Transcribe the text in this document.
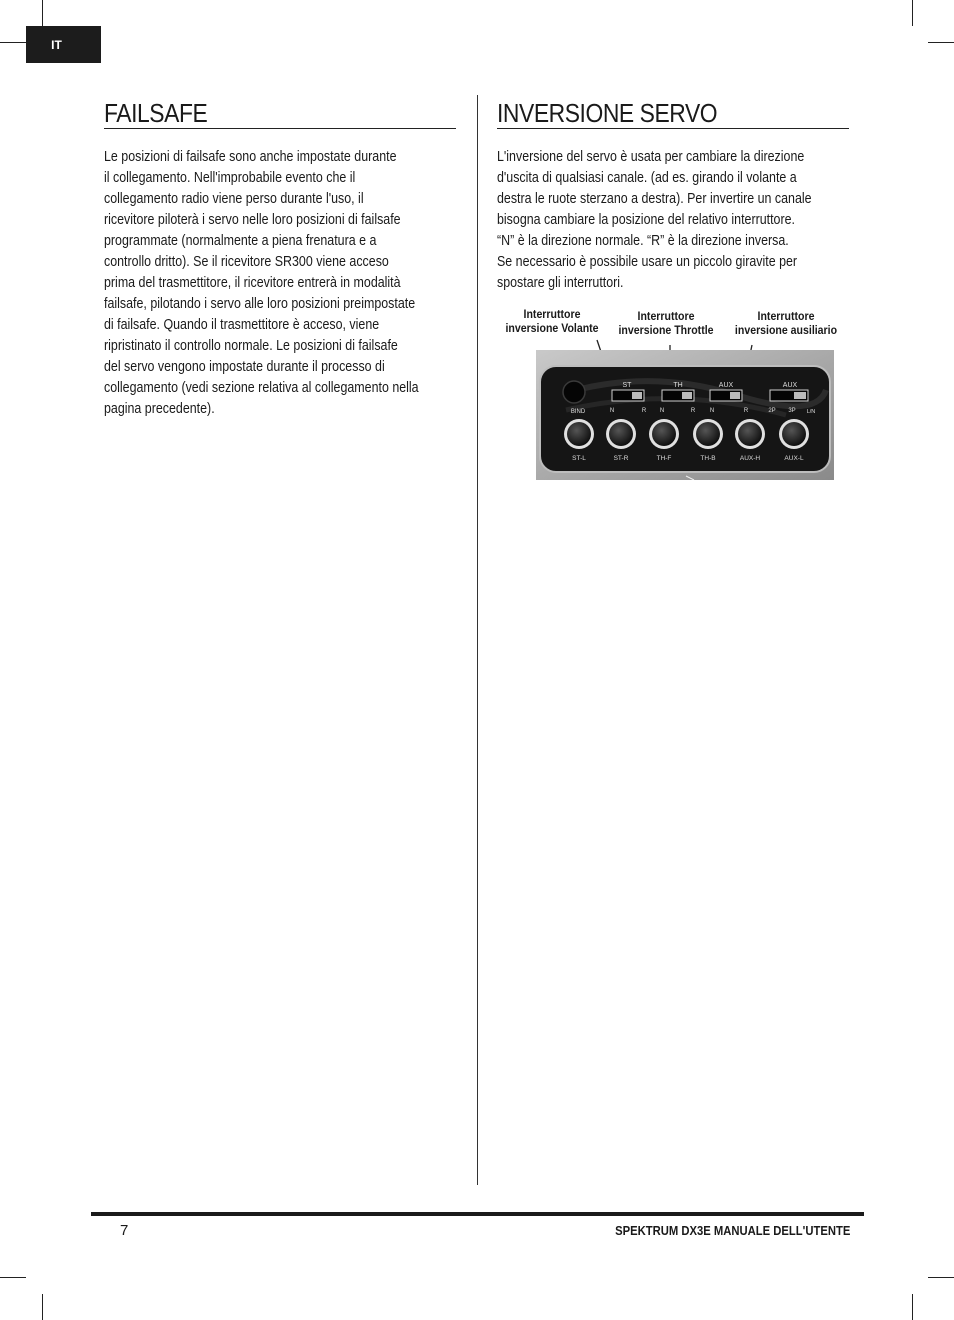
IT
FAILSAFE
Le posizioni di failsafe sono anche impostate durante
il collegamento. Nell'improbabile evento che il
collegamento radio viene perso durante l'uso, il
ricevitore piloterà i servo nelle loro posizioni di failsafe
programmate (normalmente a piena frenatura e a
controllo dritto). Se il ricevitore SR300 viene acceso
prima del trasmettitore, il ricevitore entrerà in modalità
failsafe, pilotando i servo alle loro posizioni preimpostate
di failsafe. Quando il trasmettitore è acceso, viene
ripristinato il controllo normale. Le posizioni di failsafe
del servo vengono impostate durante il processo di
collegamento (vedi sezione relativa al collegamento nella
pagina precedente).
INVERSIONE SERVO
L'inversione del servo è usata per cambiare la direzione
d'uscita di qualsiasi canale. (ad es. girando il volante a
destra le ruote sterzano a destra). Per invertire un canale
bisogna cambiare la posizione del relativo interruttore.
“N” è la direzione normale. “R” è la direzione inversa.
Se necessario è possibile usare un piccolo giravite per
spostare gli interruttori.
Interruttore
inversione Volante
Interruttore
inversione Throttle
Interruttore
inversione ausiliario
ST	TH	AUX	AUX
BIND	N	R N	R N	R	2P 3P L/N
ST-L	ST-R	TH-F	TH-B	AUX-H	AUX-L
7	SPEKTRUM DX3E MANUALE DELL'UTENTE
